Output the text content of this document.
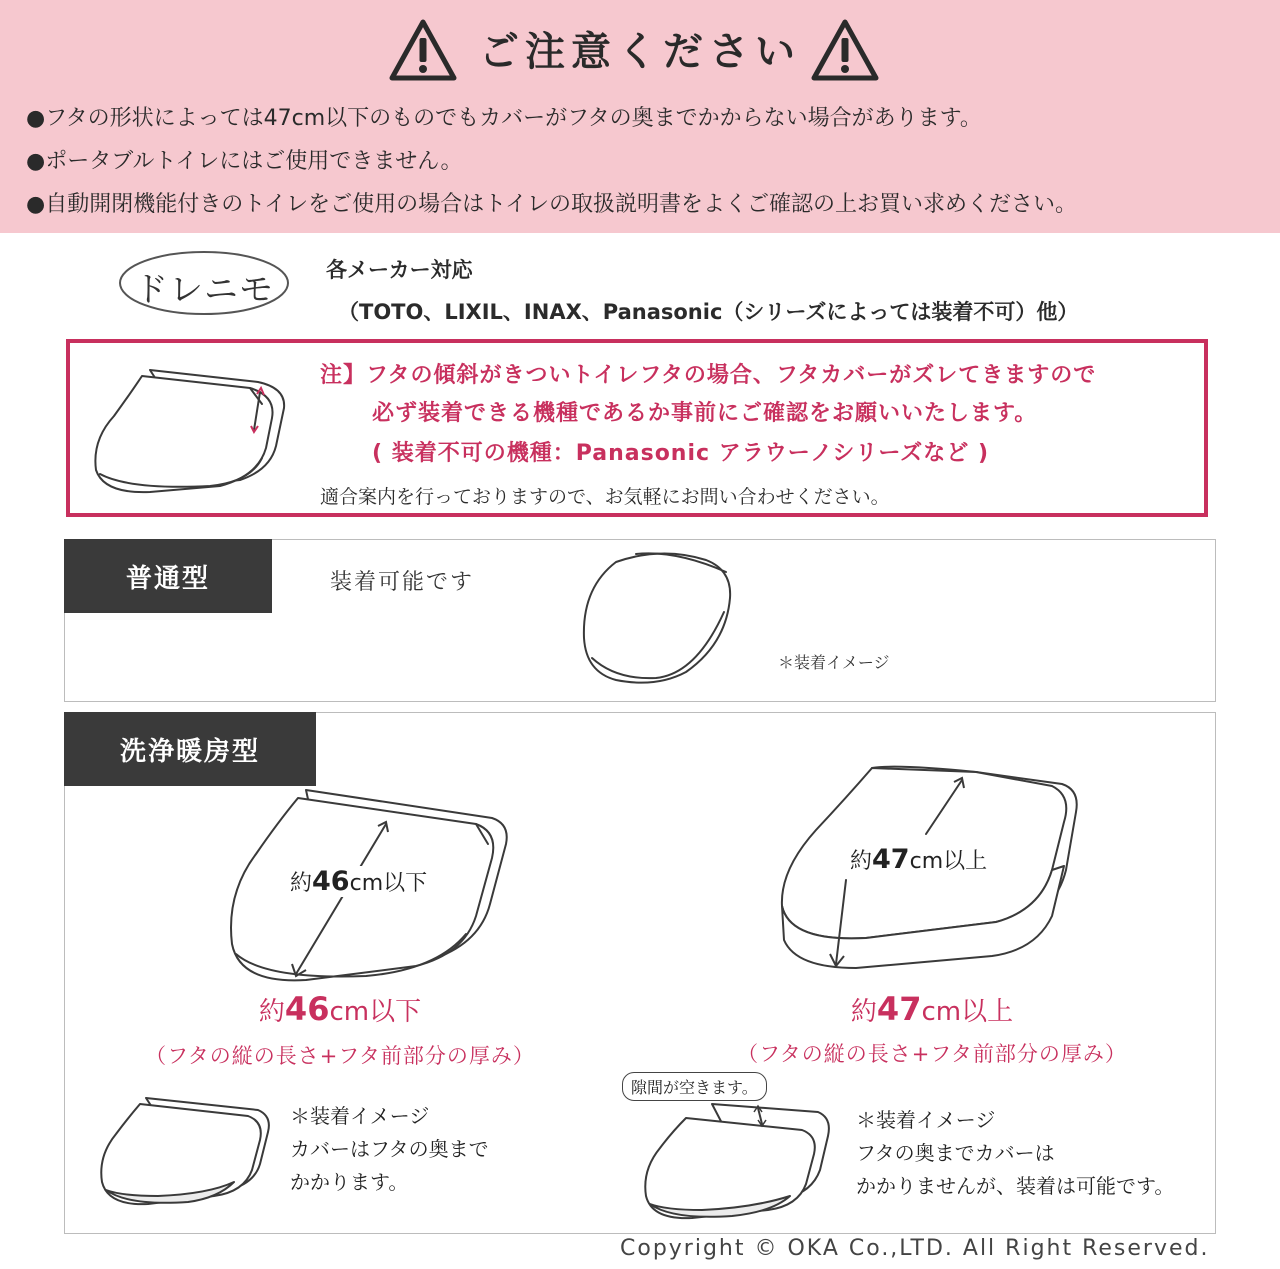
ご注意ください
●フタの形状によっては47cm以下のものでもカバーがフタの奥までかからない場合があります。
●ポータブルトイレにはご使用できません。
●自動開閉機能付きのトイレをご使用の場合はトイレの取扱説明書をよくご確認の上お買い求めください。
ドレニモ	各メーカー対応
（TOTO、LIXIL、INAX、Panasonic（シリーズによっては装着不可）他）
注】フタの傾斜がきついトイレフタの場合、フタカバーがズレてきますので
必ず装着できる機種であるか事前にご確認をお願いいたします。
( 装着不可の機種：Panasonic アラウーノシリーズなど )
適合案内を行っておりますので、お気軽にお問い合わせください。
普通型	装着可能です
＊装着イメージ
洗浄暖房型
約46cm以下
約47cm以上
約46cm以下
（フタの縦の長さ+フタ前部分の厚み）
約47cm以上
（フタの縦の長さ+フタ前部分の厚み）
＊装着イメージ
カバーはフタの奥まで
かかります。
隙間が空きます。
＊装着イメージ
フタの奥までカバーは
かかりませんが、装着は可能です。
Copyright © OKA Co.,LTD. All Right Reserved.
